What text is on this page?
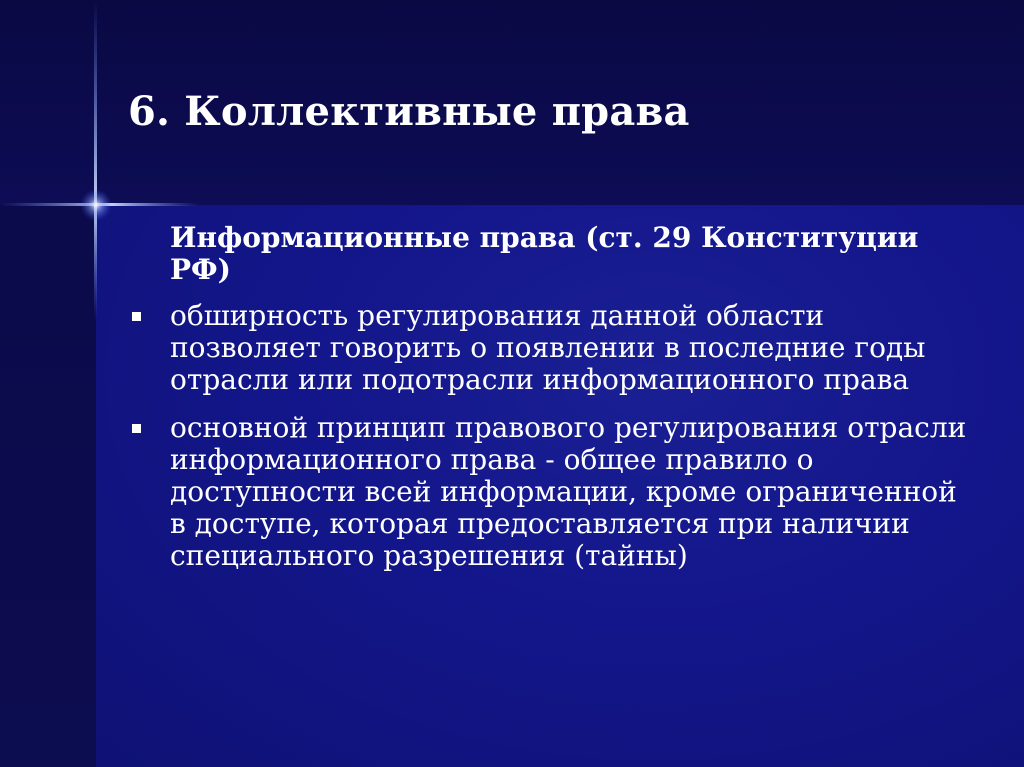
6. Коллективные права

Информационные права (ст. 29 Конституции РФ)

обширность регулирования данной области позволяет говорить о появлении в последние годы отрасли или подотрасли информационного права
основной принцип правового регулирования отрасли информационного права - общее правило о доступности всей информации, кроме ограниченной в доступе, которая предоставляется при наличии специального разрешения (тайны)
